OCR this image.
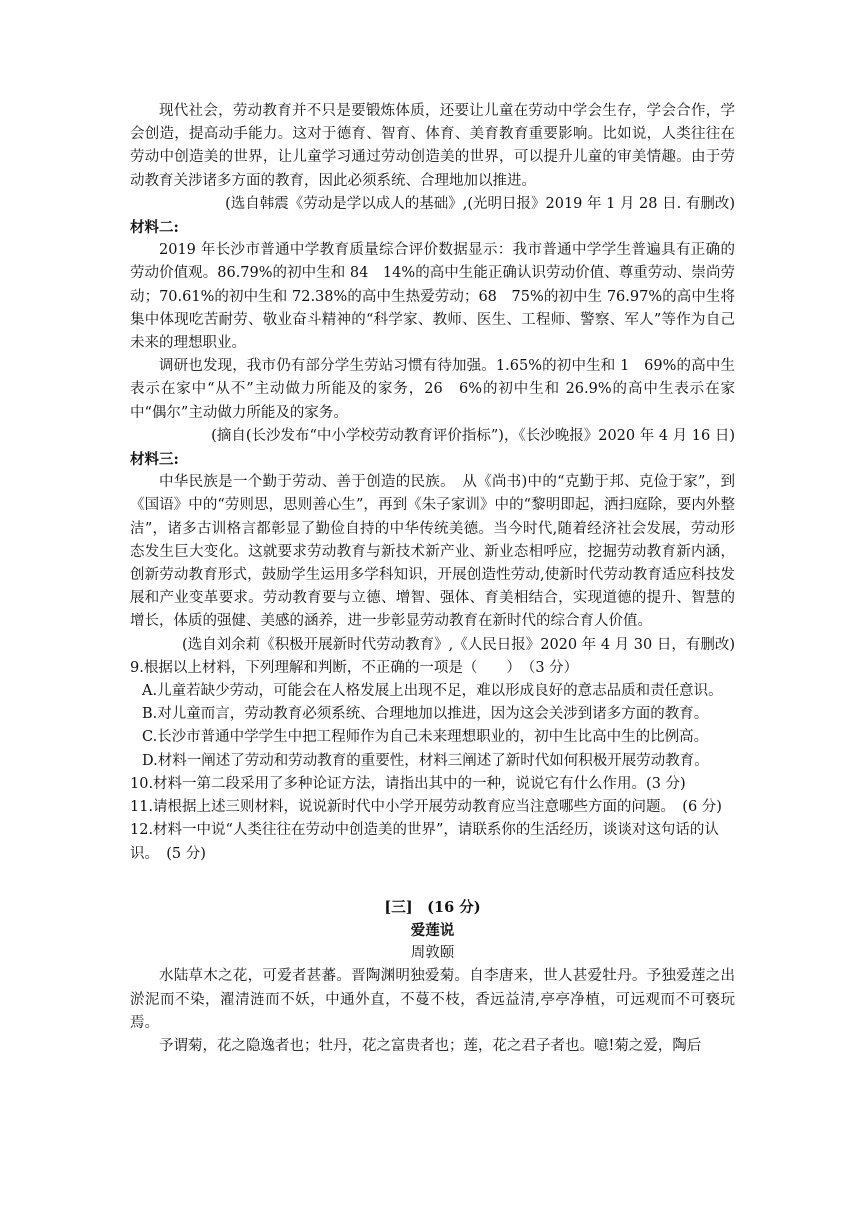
现代社会，劳动教育并不只是要锻炼体质，还要让儿童在劳动中学会生存，学会合作，学会创造，提高动手能力。这对于德育、智育、体育、美育教育重要影响。比如说，人类往往在劳动中创造美的世界，让儿童学习通过劳动创造美的世界，可以提升儿童的审美情趣。由于劳动教育关涉诸多方面的教育，因此必须系统、合理地加以推进。

(选自韩震《劳动是学以成人的基础》,(光明日报》2019 年 1 月 28 日. 有删改)

材料二:

2019 年长沙市普通中学教育质量综合评价数据显示：我市普通中学学生普遍具有正确的劳动价值观。86.79%的初中生和 84　14%的高中生能正确认识劳动价值、尊重劳动、崇尚劳动；70.61%的初中生和 72.38%的高中生热爱劳动；68　75%的初中生 76.97%的高中生将集中体现吃苦耐劳、敬业奋斗精神的“科学家、教师、医生、工程师、警察、军人”等作为自己未来的理想职业。

调研也发现，我市仍有部分学生劳站习惯有待加强。1.65%的初中生和 1　69%的高中生表示在家中“从不”主动做力所能及的家务，26　6%的初中生和 26.9%的高中生表示在家中“偶尔”主动做力所能及的家务。

(摘自(长沙发布“中小学校劳动教育评价指标”)，《长沙晚报》2020 年 4 月 16 日)

材料三:

中华民族是一个勤于劳动、善于创造的民族。　从《尚书)中的“克勤于邦、克俭于家”，到《国语》中的“劳则思，思则善心生”，再到《朱子家训》中的“黎明即起，洒扫庭除，要内外整洁”，诸多古训格言都彰显了勤俭自持的中华传统美德。当今时代,随着经济社会发展，劳动形态发生巨大变化。这就要求劳动教育与新技术新产业、新业态相呼应，挖掘劳动教育新内涵，创新劳动教育形式，鼓励学生运用多学科知识，开展创造性劳动,使新时代劳动教育适应科技发展和产业变革要求。劳动教育要与立德、增智、强体、育美相结合，实现道德的提升、智慧的增长，体质的强健、美感的涵养，进一步彰显劳动教育在新时代的综合育人价值。

(选自刘余莉《积极开展新时代劳动教育》,《人民日报》2020 年 4 月 30 日，有删改)

9.根据以上材料，下列理解和判断，不正确的一项是（　　）　（3 分）

A.儿童若缺少劳动，可能会在人格发展上出现不足，难以形成良好的意志品质和责任意识。

B.对儿童而言，劳动教育必须系统、合理地加以推进，因为这会关涉到诸多方面的教育。

C.长沙市普通中学学生中把工程师作为自己未来理想职业的，初中生比高中生的比例高。

D.材料一阐述了劳动和劳动教育的重要性，材料三阐述了新时代如何积极开展劳动教育。

10.材料一第二段采用了多种论证方法，请指出其中的一种，说说它有什么作用。(3 分)

11.请根据上述三则材料，说说新时代中小学开展劳动教育应当注意哪些方面的问题。　(6 分)

12.材料一中说“人类往往在劳动中创造美的世界”，请联系你的生活经历，谈谈对这句话的认识。　(5 分)

[三]　(16 分)

爱莲说

周敦颐

水陆草木之花，可爱者甚蕃。晋陶渊明独爱菊。自李唐来，世人甚爱牡丹。予独爱莲之出淤泥而不染，濯清涟而不妖，中通外直，不蔓不枝，香远益清,亭亭净植，可远观而不可亵玩焉。

予谓菊，花之隐逸者也；牡丹，花之富贵者也；莲，花之君子者也。噫!菊之爱，陶后
